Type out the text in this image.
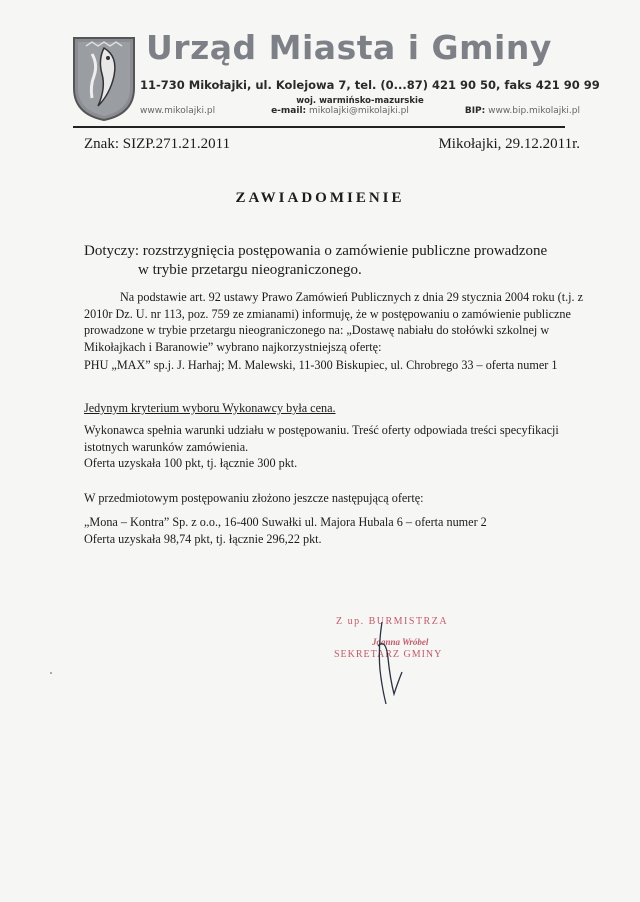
Urząd Miasta i Gminy
11-730 Mikołajki, ul. Kolejowa 7, tel. (0...87) 421 90 50, faks 421 90 99
woj. warmińsko-mazurskie
www.mikolajki.pl	e-mail: mikolajki@mikolajki.pl	BIP: www.bip.mikolajki.pl
Znak: SIZP.271.21.2011	Mikołajki, 29.12.2011r.
ZAWIADOMIENIE
Dotyczy: rozstrzygnięcia postępowania o zamówienie publiczne prowadzone
w trybie przetargu nieograniczonego.
Na podstawie art. 92 ustawy Prawo Zamówień Publicznych z dnia 29 stycznia 2004 roku (t.j. z 2010r Dz. U. nr 113, poz. 759 ze zmianami) informuję, że w postępowaniu o zamówienie publiczne prowadzone w trybie przetargu nieograniczonego na: „Dostawę nabiału do stołówki szkolnej w Mikołajkach i Baranowie” wybrano najkorzystniejszą ofertę:
PHU „MAX” sp.j. J. Harhaj; M. Malewski, 11-300 Biskupiec, ul. Chrobrego 33 – oferta numer 1
Jedynym kryterium wyboru Wykonawcy była cena.
Wykonawca spełnia warunki udziału w postępowaniu. Treść oferty odpowiada treści specyfikacji istotnych warunków zamówienia.
Oferta uzyskała 100 pkt, tj. łącznie 300 pkt.
W przedmiotowym postępowaniu złożono jeszcze następującą ofertę:
„Mona – Kontra” Sp. z o.o., 16-400 Suwałki ul. Majora Hubala 6 – oferta numer 2
Oferta uzyskała 98,74 pkt, tj. łącznie 296,22 pkt.
Z up. BURMISTRZA
Joanna Wróbel
SEKRETARZ GMINY
